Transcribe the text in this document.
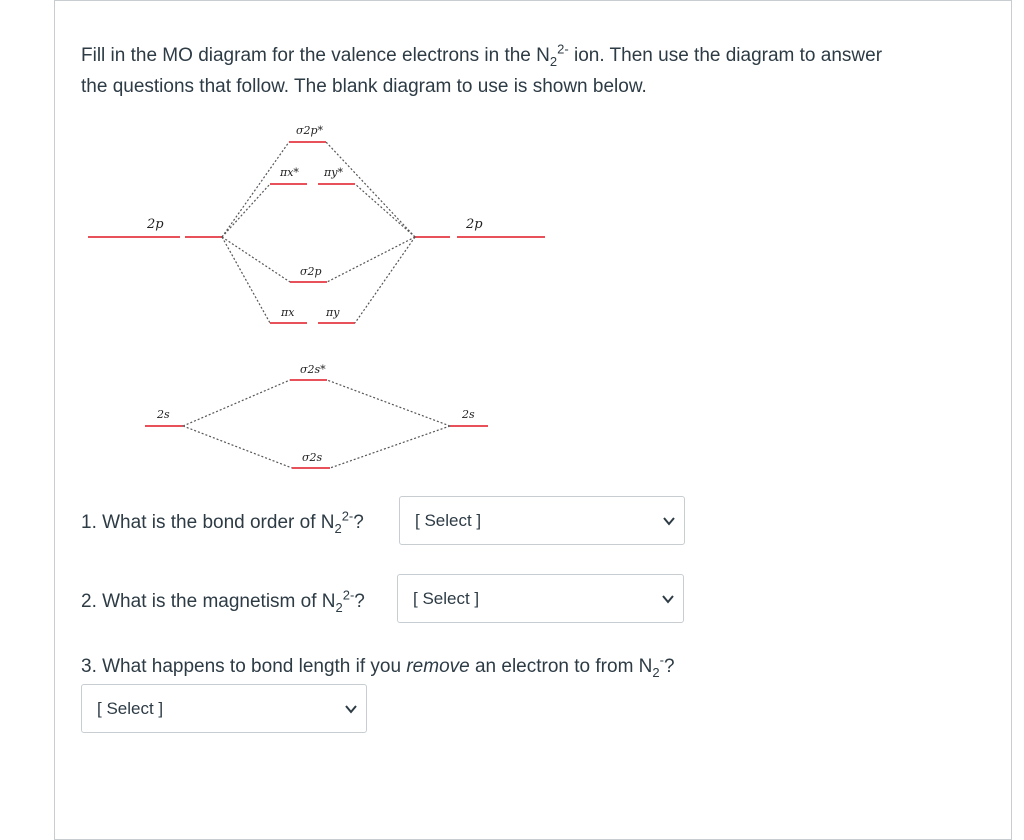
Fill in the MO diagram for the valence electrons in the $N_2^{2-}$ ion. Then use the diagram to answer
the questions that follow. The blank diagram to use is shown below.

2p	2p
σ2p*
πx* πy*
σ2p
πx	πy
σ2s*
2s	2s
σ2s

1. What is the bond order of $N_2^{2-}$?	[ Select ]

2. What is the magnetism of $N_2^{2-}$?	[ Select ]

3. What happens to bond length if you remove an electron to from $N_2^-$?

[ Select ]
